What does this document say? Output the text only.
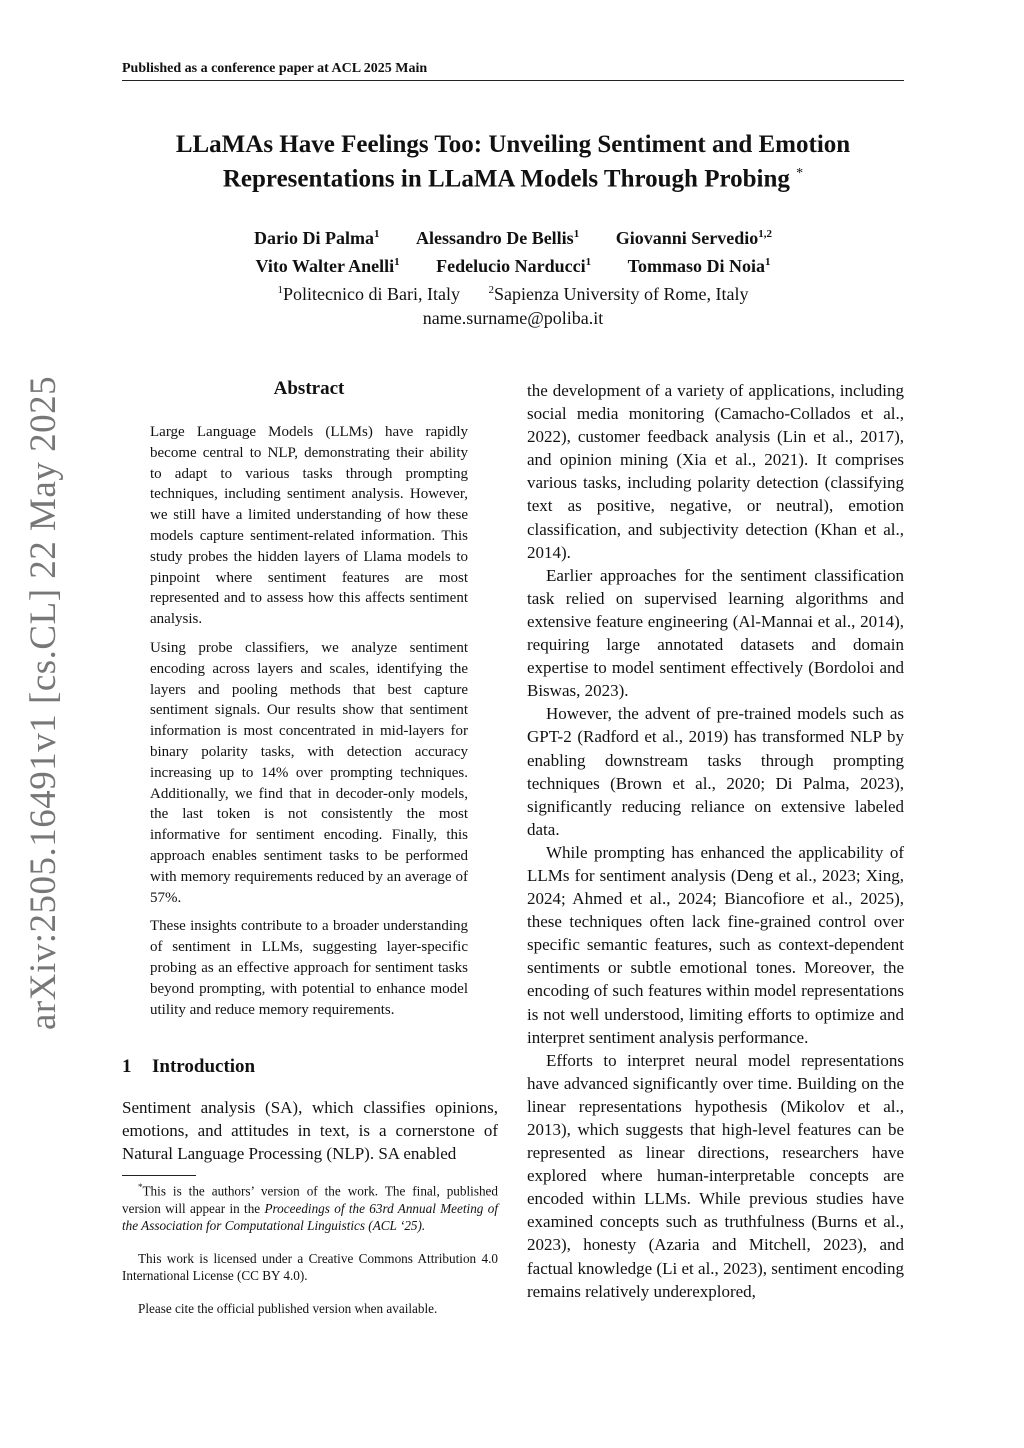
Published as a conference paper at ACL 2025 Main
LLaMAs Have Feelings Too: Unveiling Sentiment and Emotion
Representations in LLaMA Models Through Probing *
Dario Di Palma$^1$ Alessandro De Bellis$^1$ Giovanni Servedio$^{1,2}$
Vito Walter Anelli$^1$ Fedelucio Narducci$^1$ Tommaso Di Noia$^1$
$^1$Politecnico di Bari, Italy	$^2$Sapienza University of Rome, Italy
name.surname@poliba.it
arXiv:2505.16491v1 [cs.CL] 22 May 2025	Abstract

Large Language Models (LLMs) have rapidly become central to NLP, demonstrating their ability to adapt to various tasks through prompting techniques, including sentiment analysis. However, we still have a limited understanding of how these models capture sentiment-related information. This study probes the hidden layers of Llama models to pinpoint where sentiment features are most represented and to assess how this affects sentiment analysis.

Using probe classifiers, we analyze sentiment encoding across layers and scales, identifying the layers and pooling methods that best capture sentiment signals. Our results show that sentiment information is most concentrated in mid-layers for binary polarity tasks, with detection accuracy increasing up to 14% over prompting techniques. Additionally, we find that in decoder-only models, the last token is not consistently the most informative for sentiment encoding. Finally, this approach enables sentiment tasks to be performed with memory requirements reduced by an average of 57%.

These insights contribute to a broader understanding of sentiment in LLMs, suggesting layer-specific probing as an effective approach for sentiment tasks beyond prompting, with potential to enhance model utility and reduce memory requirements.

1 Introduction

Sentiment analysis (SA), which classifies opinions, emotions, and attitudes in text, is a cornerstone of Natural Language Processing (NLP). SA enabled

*This is the authors’ version of the work. The final, published version will appear in the Proceedings of the 63rd Annual Meeting of the Association for Computational Linguistics (ACL ‘25).

This work is licensed under a Creative Commons Attribution 4.0 International License (CC BY 4.0).

Please cite the official published version when available.

the development of a variety of applications, including social media monitoring (Camacho-Collados et al., 2022), customer feedback analysis (Lin et al., 2017), and opinion mining (Xia et al., 2021). It comprises various tasks, including polarity detection (classifying text as positive, negative, or neutral), emotion classification, and subjectivity detection (Khan et al., 2014).

Earlier approaches for the sentiment classification task relied on supervised learning algorithms and extensive feature engineering (Al-Mannai et al., 2014), requiring large annotated datasets and domain expertise to model sentiment effectively (Bordoloi and Biswas, 2023).

However, the advent of pre-trained models such as GPT-2 (Radford et al., 2019) has transformed NLP by enabling downstream tasks through prompting techniques (Brown et al., 2020; Di Palma, 2023), significantly reducing reliance on extensive labeled data.

While prompting has enhanced the applicability of LLMs for sentiment analysis (Deng et al., 2023; Xing, 2024; Ahmed et al., 2024; Biancofiore et al., 2025), these techniques often lack fine-grained control over specific semantic features, such as context-dependent sentiments or subtle emotional tones. Moreover, the encoding of such features within model representations is not well understood, limiting efforts to optimize and interpret sentiment analysis performance.

Efforts to interpret neural model representations have advanced significantly over time. Building on the linear representations hypothesis (Mikolov et al., 2013), which suggests that high-level features can be represented as linear directions, researchers have explored where human-interpretable concepts are encoded within LLMs. While previous studies have examined concepts such as truthfulness (Burns et al., 2023), honesty (Azaria and Mitchell, 2023), and factual knowledge (Li et al., 2023), sentiment encoding remains relatively underexplored,
